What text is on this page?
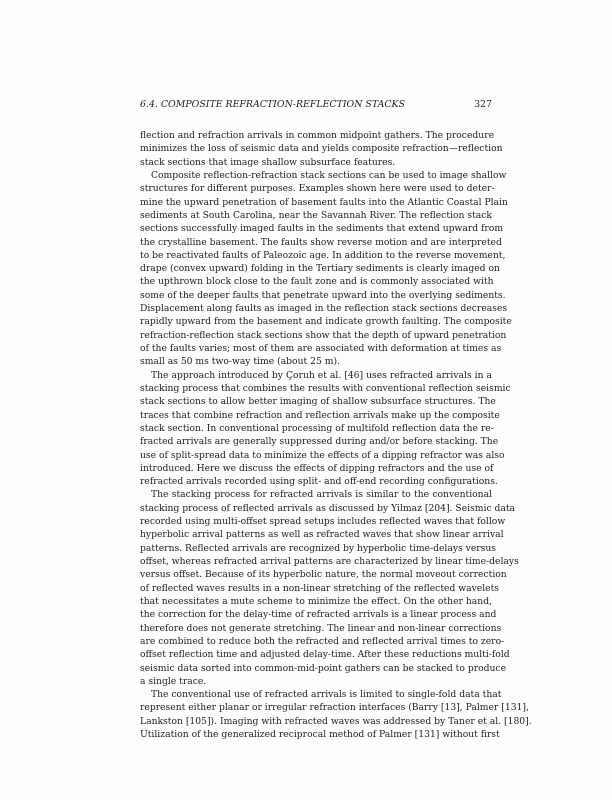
6.4. COMPOSITE REFRACTION-REFLECTION STACKS	327
flection and refraction arrivals in common midpoint gathers. The procedure
minimizes the loss of seismic data and yields composite refraction—reflection
stack sections that image shallow subsurface features.
Composite reflection-refraction stack sections can be used to image shallow
structures for different purposes. Examples shown here were used to deter-
mine the upward penetration of basement faults into the Atlantic Coastal Plain
sediments at South Carolina, near the Savannah River. The reflection stack
sections successfully imaged faults in the sediments that extend upward from
the crystalline basement. The faults show reverse motion and are interpreted
to be reactivated faults of Paleozoic age. In addition to the reverse movement,
drape (convex upward) folding in the Tertiary sediments is clearly imaged on
the upthrown block close to the fault zone and is commonly associated with
some of the deeper faults that penetrate upward into the overlying sediments.
Displacement along faults as imaged in the reflection stack sections decreases
rapidly upward from the basement and indicate growth faulting. The composite
refraction-reflection stack sections show that the depth of upward penetration
of the faults varies; most of them are associated with deformation at times as
small as 50 ms two-way time (about 25 m).
The approach introduced by Çoruh et al. [46] uses refracted arrivals in a
stacking process that combines the results with conventional reflection seismic
stack sections to allow better imaging of shallow subsurface structures. The
traces that combine refraction and reflection arrivals make up the composite
stack section. In conventional processing of multifold reflection data the re-
fracted arrivals are generally suppressed during and/or before stacking. The
use of split-spread data to minimize the effects of a dipping refractor was also
introduced. Here we discuss the effects of dipping refractors and the use of
refracted arrivals recorded using split- and off-end recording configurations.
The stacking process for refracted arrivals is similar to the conventional
stacking process of reflected arrivals as discussed by Yilmaz [204]. Seismic data
recorded using multi-offset spread setups includes reflected waves that follow
hyperbolic arrival patterns as well as refracted waves that show linear arrival
patterns. Reflected arrivals are recognized by hyperbolic time-delays versus
offset, whereas refracted arrival patterns are characterized by linear time-delays
versus offset. Because of its hyperbolic nature, the normal moveout correction
of reflected waves results in a non-linear stretching of the reflected wavelets
that necessitates a mute scheme to minimize the effect. On the other hand,
the correction for the delay-time of refracted arrivals is a linear process and
therefore does not generate stretching. The linear and non-linear corrections
are combined to reduce both the refracted and reflected arrival times to zero-
offset reflection time and adjusted delay-time. After these reductions multi-fold
seismic data sorted into common-mid-point gathers can be stacked to produce
a single trace.
The conventional use of refracted arrivals is limited to single-fold data that
represent either planar or irregular refraction interfaces (Barry [13], Palmer [131],
Lankston [105]). Imaging with refracted waves was addressed by Taner et al. [180].
Utilization of the generalized reciprocal method of Palmer [131] without first
